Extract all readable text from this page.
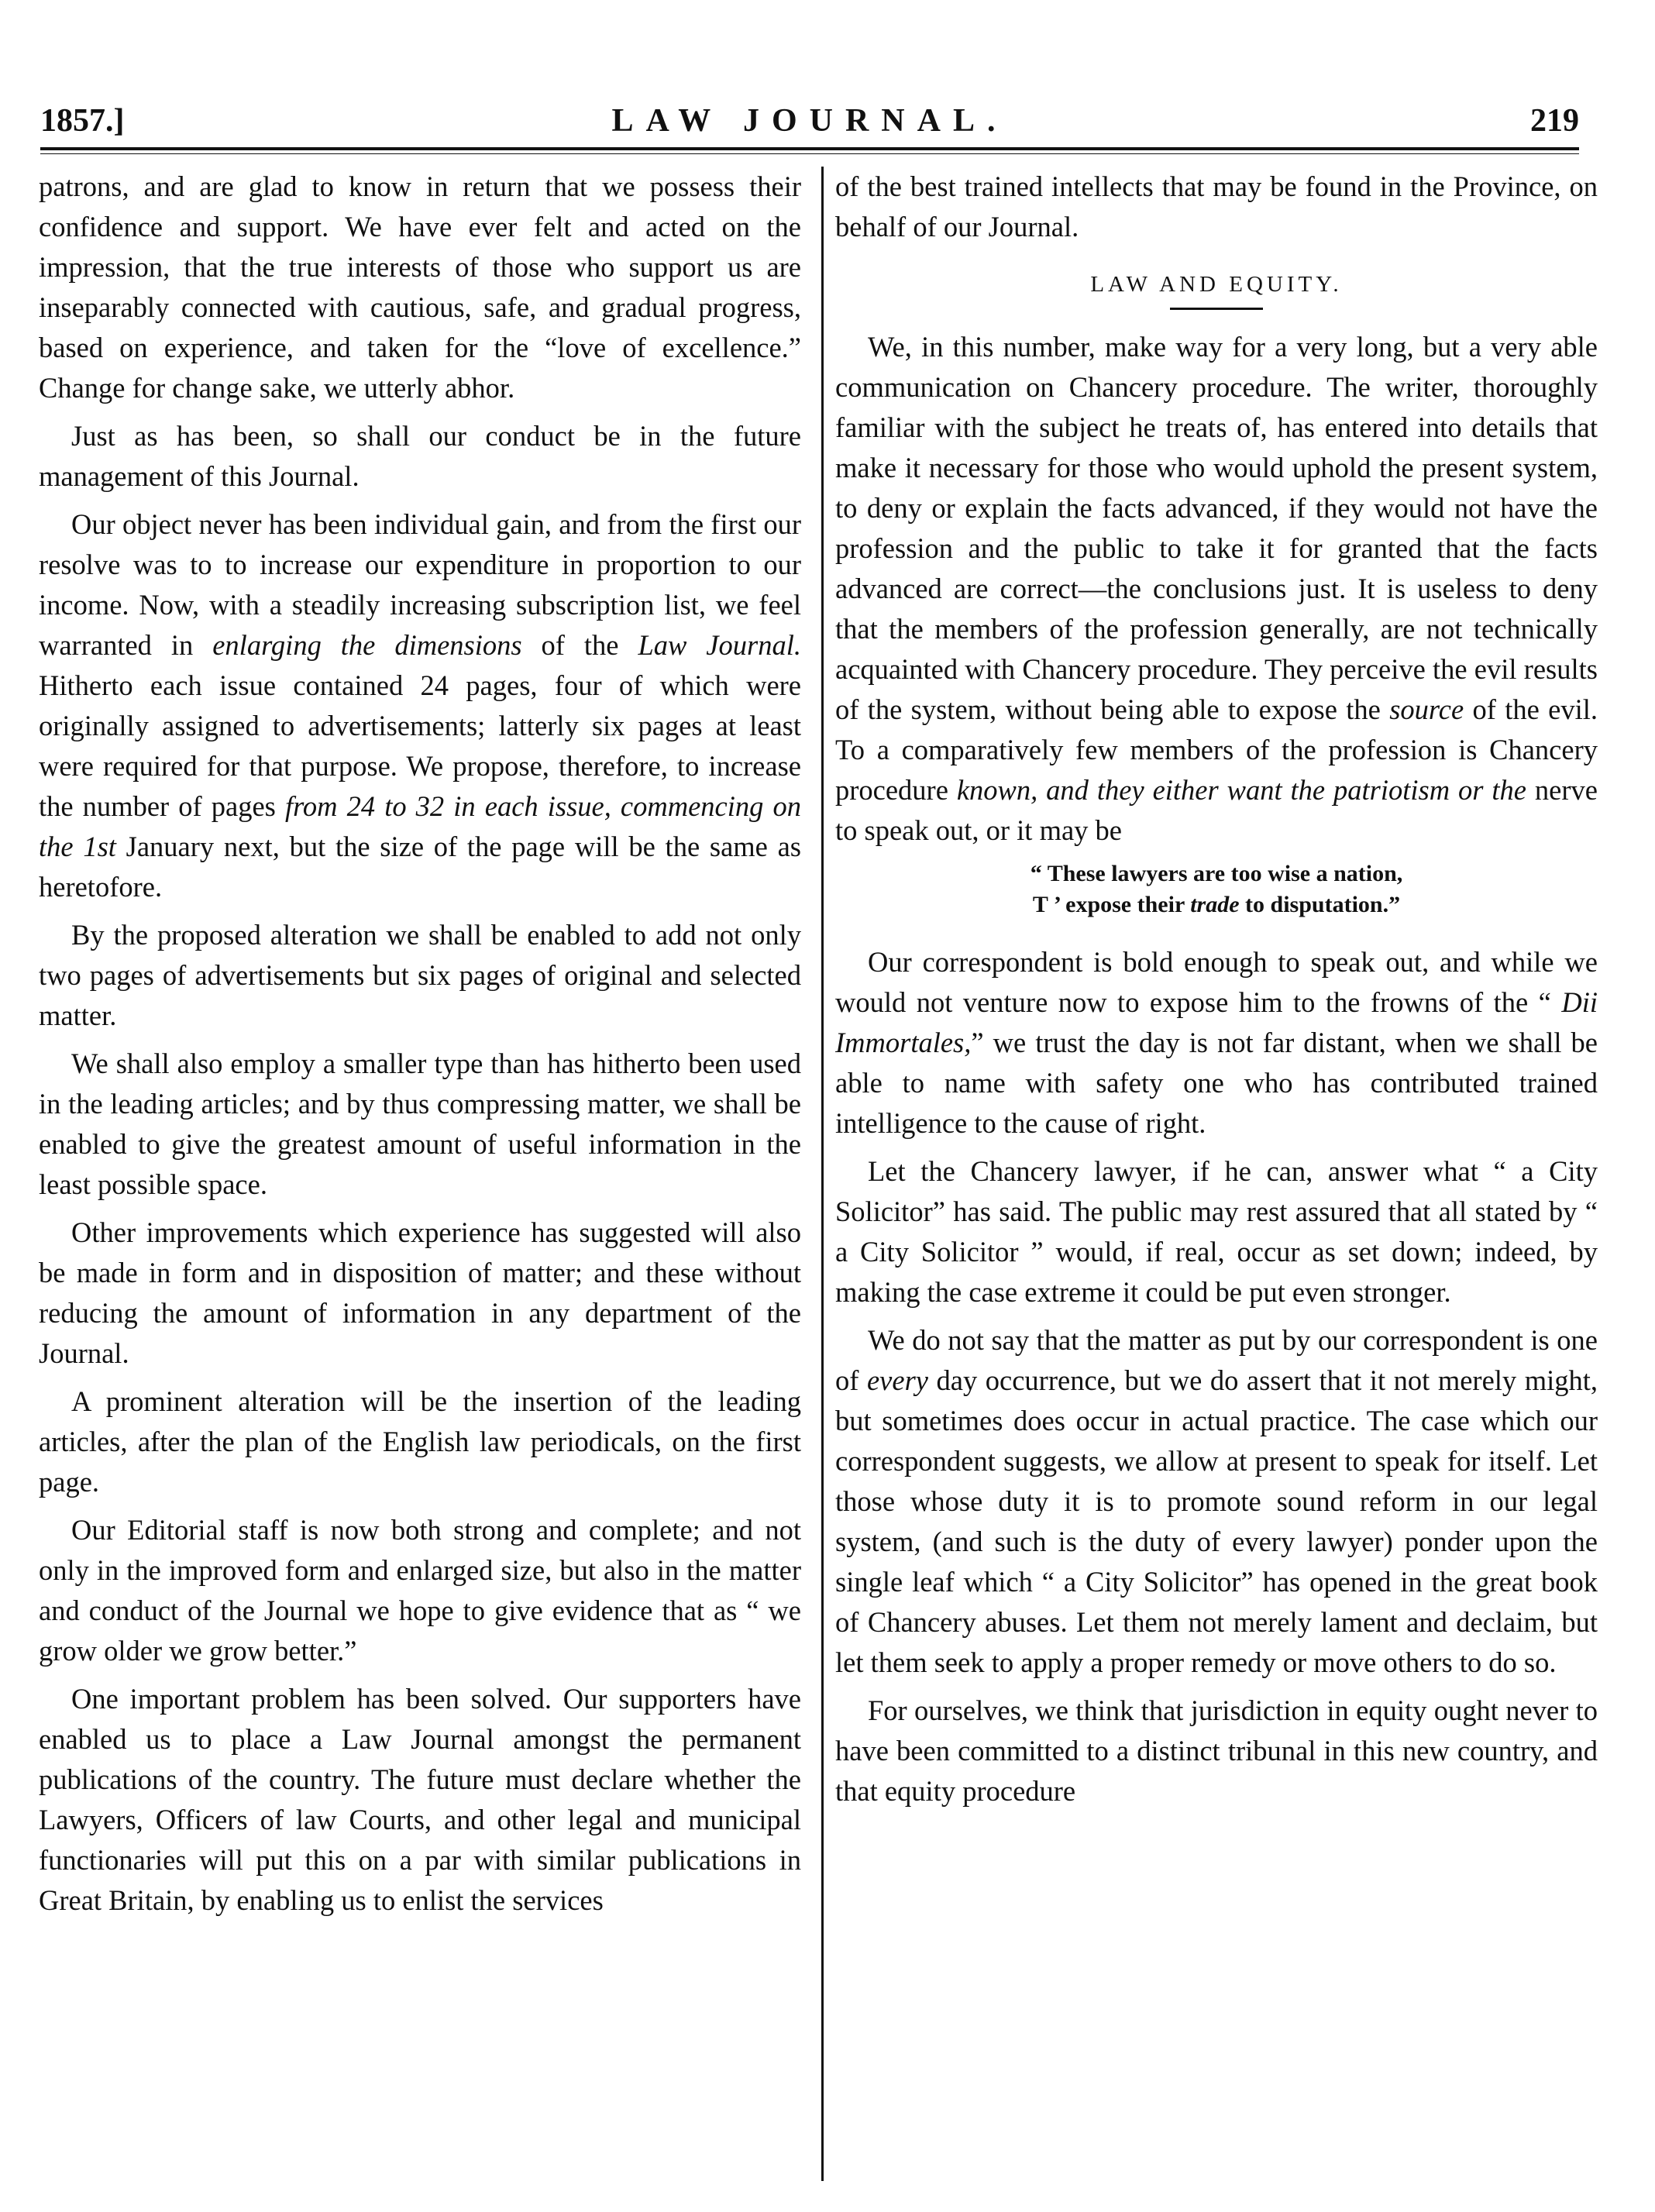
1857.]	LAW JOURNAL.	219

patrons, and are glad to know in return that we possess their confidence and support. We have ever felt and acted on the impression, that the true interests of those who support us are inseparably connected with cautious, safe, and gradual progress, based on experience, and taken for the “love of excellence.” Change for change sake, we utterly abhor.

Just as has been, so shall our conduct be in the future management of this Journal.

Our object never has been individual gain, and from the first our resolve was to to increase our expenditure in proportion to our income. Now, with a steadily increasing subscription list, we feel warranted in enlarging the dimensions of the Law Journal. Hitherto each issue contained 24 pages, four of which were originally assigned to advertisements; latterly six pages at least were required for that purpose. We propose, therefore, to increase the number of pages from 24 to 32 in each issue, commencing on the 1st January next, but the size of the page will be the same as heretofore.

By the proposed alteration we shall be enabled to add not only two pages of advertisements but six pages of original and selected matter.

We shall also employ a smaller type than has hitherto been used in the leading articles; and by thus compressing matter, we shall be enabled to give the greatest amount of useful information in the least possible space.

Other improvements which experience has suggested will also be made in form and in disposition of matter; and these without reducing the amount of information in any department of the Journal.

A prominent alteration will be the insertion of the leading articles, after the plan of the English law periodicals, on the first page.

Our Editorial staff is now both strong and complete; and not only in the improved form and enlarged size, but also in the matter and conduct of the Journal we hope to give evidence that as “ we grow older we grow better.”

One important problem has been solved. Our supporters have enabled us to place a Law Journal amongst the permanent publications of the country. The future must declare whether the Lawyers, Officers of law Courts, and other legal and municipal functionaries will put this on a par with similar publications in Great Britain, by enabling us to enlist the services

of the best trained intellects that may be found in the Province, on behalf of our Journal.

LAW AND EQUITY.

We, in this number, make way for a very long, but a very able communication on Chancery procedure. The writer, thoroughly familiar with the subject he treats of, has entered into details that make it necessary for those who would uphold the present system, to deny or explain the facts advanced, if they would not have the profession and the public to take it for granted that the facts advanced are correct—the conclusions just. It is useless to deny that the members of the profession generally, are not technically acquainted with Chancery procedure. They perceive the evil results of the system, without being able to expose the source of the evil. To a comparatively few members of the profession is Chancery procedure known, and they either want the patriotism or the nerve to speak out, or it may be

“ These lawyers are too wise a nation,
T ’ expose their trade to disputation.”

Our correspondent is bold enough to speak out, and while we would not venture now to expose him to the frowns of the “ Dii Immortales,” we trust the day is not far distant, when we shall be able to name with safety one who has contributed trained intelligence to the cause of right.

Let the Chancery lawyer, if he can, answer what “ a City Solicitor” has said. The public may rest assured that all stated by “ a City Solicitor ” would, if real, occur as set down; indeed, by making the case extreme it could be put even stronger.

We do not say that the matter as put by our correspondent is one of every day occurrence, but we do assert that it not merely might, but sometimes does occur in actual practice. The case which our correspondent suggests, we allow at present to speak for itself. Let those whose duty it is to promote sound reform in our legal system, (and such is the duty of every lawyer) ponder upon the single leaf which “ a City Solicitor” has opened in the great book of Chancery abuses. Let them not merely lament and declaim, but let them seek to apply a proper remedy or move others to do so.

For ourselves, we think that jurisdiction in equity ought never to have been committed to a distinct tribunal in this new country, and that equity procedure
